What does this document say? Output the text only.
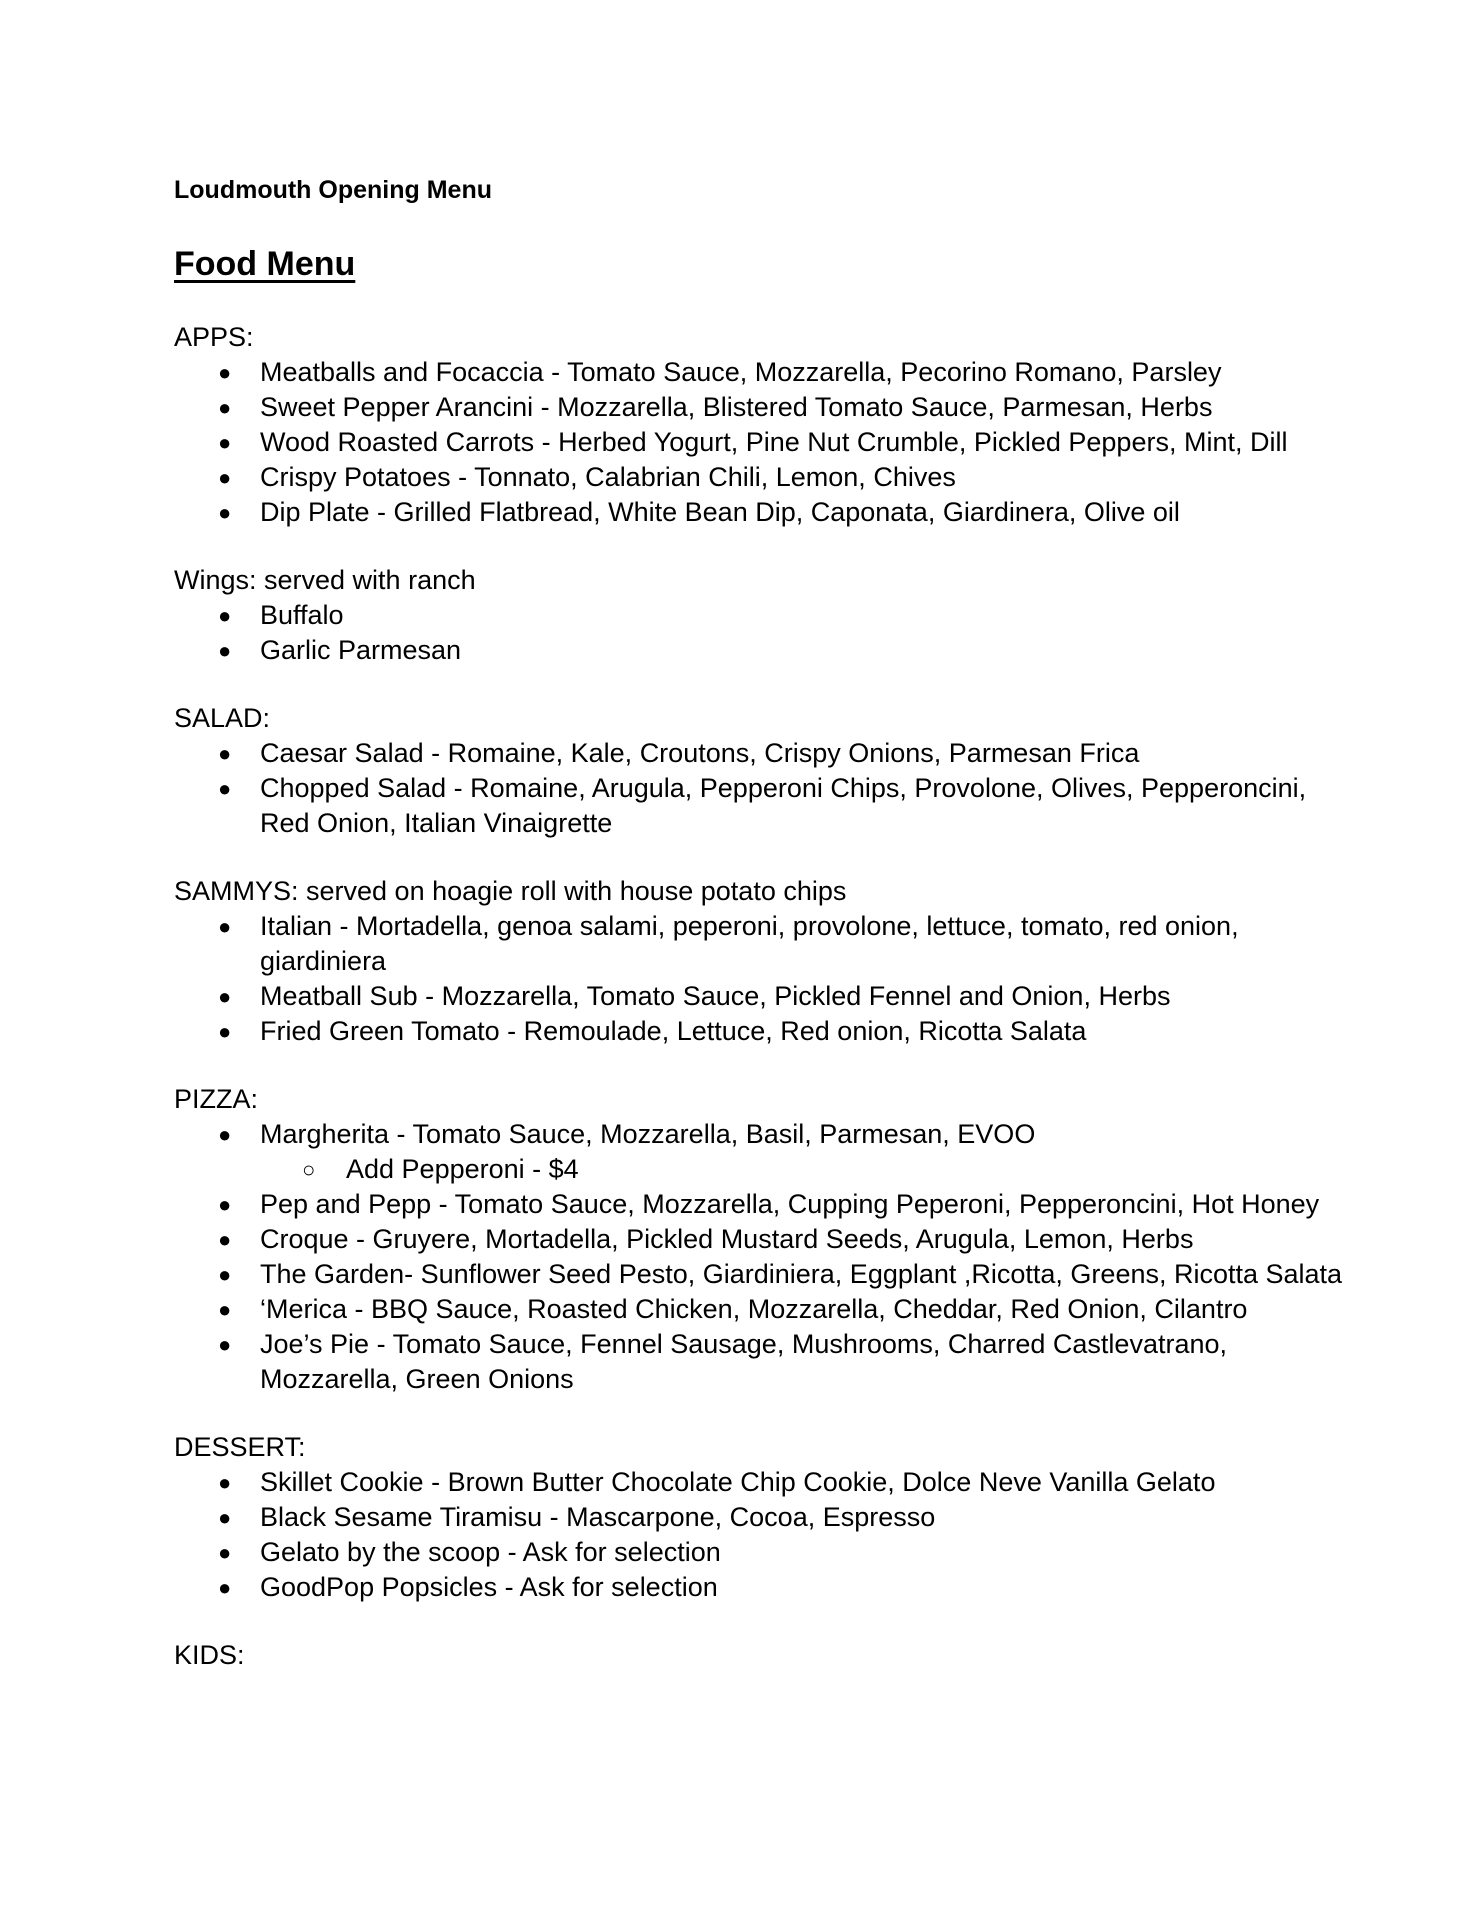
Loudmouth Opening Menu

Food Menu

APPS:

● Meatballs and Focaccia - Tomato Sauce, Mozzarella, Pecorino Romano, Parsley
● Sweet Pepper Arancini - Mozzarella, Blistered Tomato Sauce, Parmesan, Herbs
● Wood Roasted Carrots - Herbed Yogurt, Pine Nut Crumble, Pickled Peppers, Mint, Dill
● Crispy Potatoes - Tonnato, Calabrian Chili, Lemon, Chives
● Dip Plate - Grilled Flatbread, White Bean Dip, Caponata, Giardinera, Olive oil

Wings: served with ranch

● Buffalo
● Garlic Parmesan

SALAD:

● Caesar Salad - Romaine, Kale, Croutons, Crispy Onions, Parmesan Frica
● Chopped Salad - Romaine, Arugula, Pepperoni Chips, Provolone, Olives, Pepperoncini, Red Onion, Italian Vinaigrette

SAMMYS: served on hoagie roll with house potato chips

● Italian - Mortadella, genoa salami, peperoni, provolone, lettuce, tomato, red onion, giardiniera
● Meatball Sub - Mozzarella, Tomato Sauce, Pickled Fennel and Onion, Herbs
● Fried Green Tomato - Remoulade, Lettuce, Red onion, Ricotta Salata

PIZZA:

● Margherita - Tomato Sauce, Mozzarella, Basil, Parmesan, EVOO
○ Add Pepperoni - $4
● Pep and Pepp - Tomato Sauce, Mozzarella, Cupping Peperoni, Pepperoncini, Hot Honey
● Croque - Gruyere, Mortadella, Pickled Mustard Seeds, Arugula, Lemon, Herbs
● The Garden- Sunflower Seed Pesto, Giardiniera, Eggplant ,Ricotta, Greens, Ricotta Salata
● ‘Merica - BBQ Sauce, Roasted Chicken, Mozzarella, Cheddar, Red Onion, Cilantro
● Joe’s Pie - Tomato Sauce, Fennel Sausage, Mushrooms, Charred Castlevatrano, Mozzarella, Green Onions

DESSERT:

● Skillet Cookie - Brown Butter Chocolate Chip Cookie, Dolce Neve Vanilla Gelato
● Black Sesame Tiramisu - Mascarpone, Cocoa, Espresso
● Gelato by the scoop - Ask for selection
● GoodPop Popsicles - Ask for selection

KIDS:
